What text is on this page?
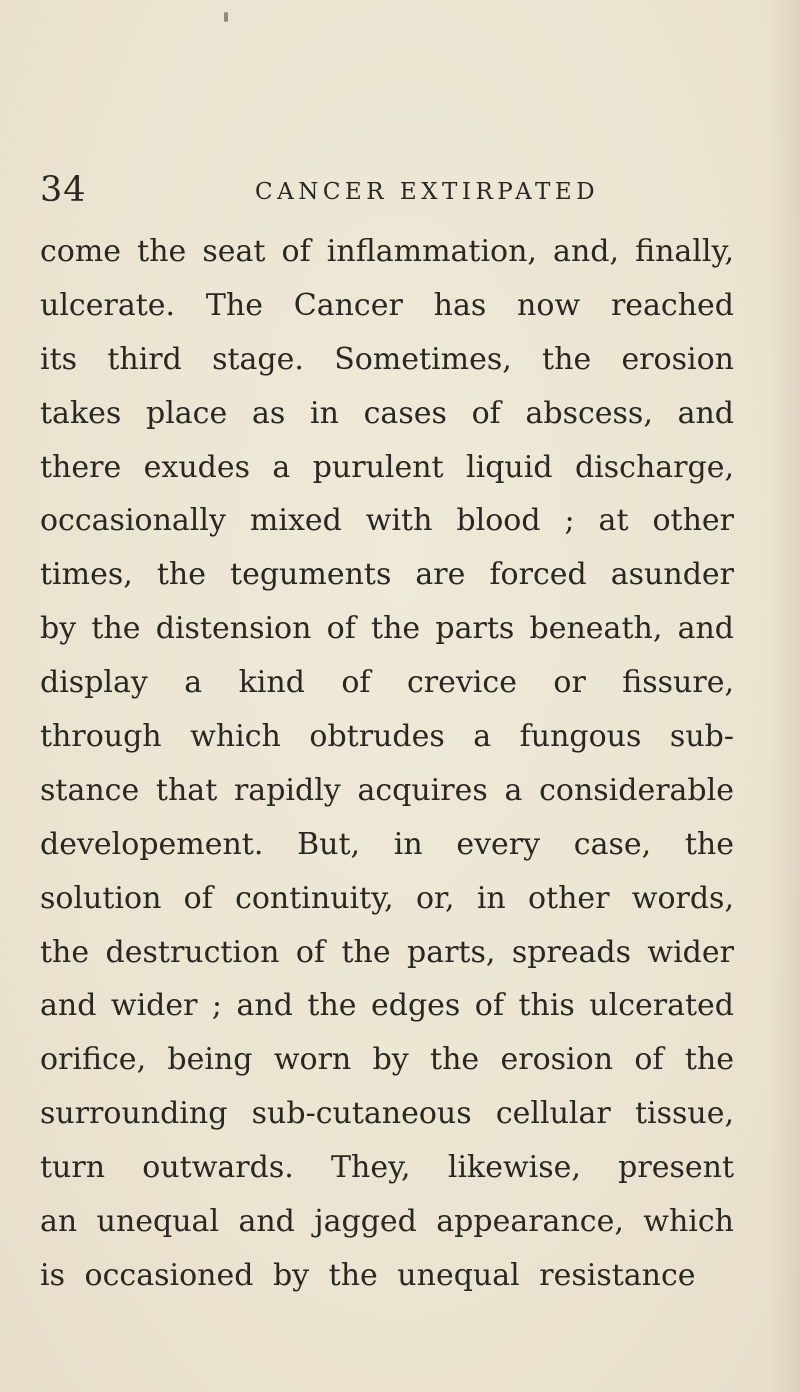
34	CANCER EXTIRPATED
come the seat of inflammation, and, finally,
ulcerate. The Cancer has now reached
its third stage. Sometimes, the erosion
takes place as in cases of abscess, and
there exudes a purulent liquid discharge,
occasionally mixed with blood ; at other
times, the teguments are forced asunder
by the distension of the parts beneath, and
display a kind of crevice or fissure,
through which obtrudes a fungous sub-
stance that rapidly acquires a considerable
developement. But, in every case, the
solution of continuity, or, in other words,
the destruction of the parts, spreads wider
and wider ; and the edges of this ulcerated
orifice, being worn by the erosion of the
surrounding sub-cutaneous cellular tissue,
turn outwards. They, likewise, present
an unequal and jagged appearance, which
is occasioned by the unequal resistance
